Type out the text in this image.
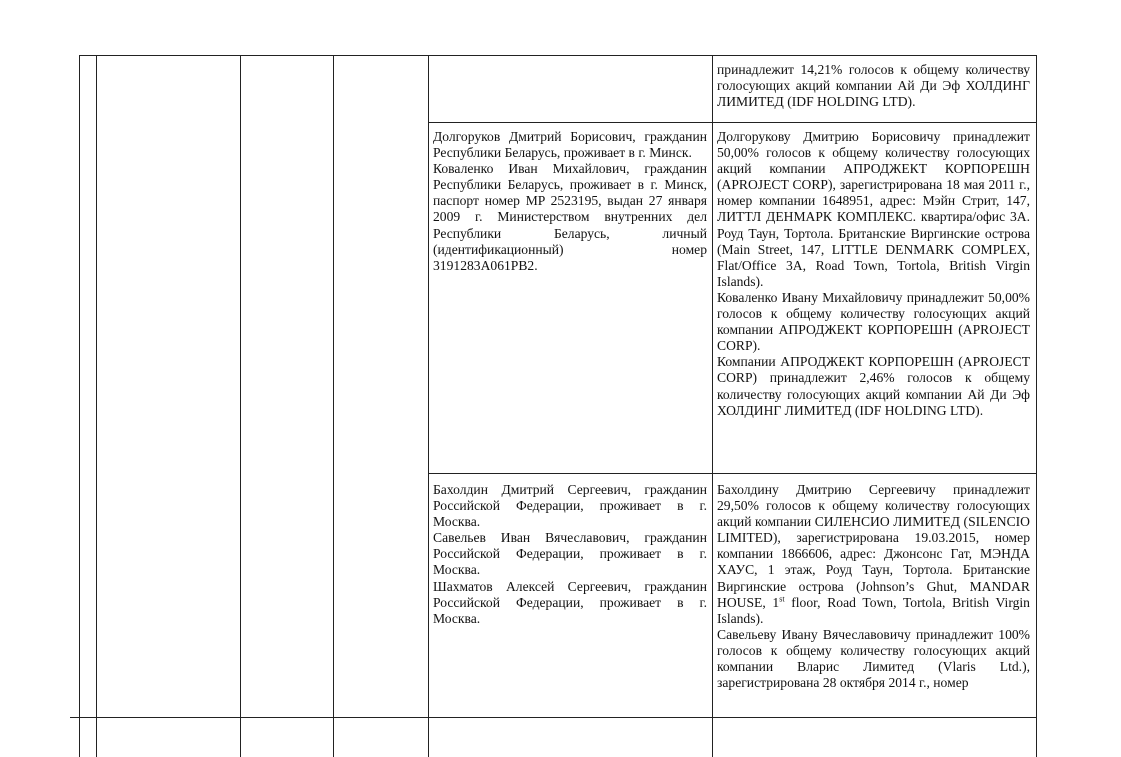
принадлежит 14,21% голосов к общему количеству голосующих акций компании Ай Ди Эф ХОЛДИНГ ЛИМИТЕД (IDF HOLDING LTD).

Долгоруков Дмитрий Борисович, гражданин Республики Беларусь, проживает в г. Минск.

Коваленко Иван Михайлович, гражданин Республики Беларусь, проживает в г. Минск, паспорт номер MP 2523195, выдан 27 января 2009 г. Министерством внутренних дел Республики Беларусь, личный (идентификационный) номер 3191283A061PB2.

Долгорукову Дмитрию Борисовичу принадлежит 50,00% голосов к общему количеству голосующих акций компании АПРОДЖЕКТ КОРПОРЕШН (APROJECT CORP), зарегистрирована 18 мая 2011 г., номер компании 1648951, адрес: Мэйн Стрит, 147, ЛИТТЛ ДЕНМАРК КОМПЛЕКС. квартира/офис 3А. Роуд Таун, Тортола. Британские Виргинские острова (Main Street, 147, LITTLE DENMARK COMPLEX, Flat/Office 3A, Road Town, Tortola, British Virgin Islands).

Коваленко Ивану Михайловичу принадлежит 50,00% голосов к общему количеству голосующих акций компании АПРОДЖЕКТ КОРПОРЕШН (APROJECT CORP).

Компании АПРОДЖЕКТ КОРПОРЕШН (APROJECT CORP) принадлежит 2,46% голосов к общему количеству голосующих акций компании Ай Ди Эф ХОЛДИНГ ЛИМИТЕД (IDF HOLDING LTD).

Бахолдин Дмитрий Сергеевич, гражданин Российской Федерации, проживает в г. Москва.

Савельев Иван Вячеславович, гражданин Российской Федерации, проживает в г. Москва.

Шахматов Алексей Сергеевич, гражданин Российской Федерации, проживает в г. Москва.

Бахолдину Дмитрию Сергеевичу принадлежит 29,50% голосов к общему количеству голосующих акций компании СИЛЕНСИО ЛИМИТЕД (SILENCIO LIMITED), зарегистрирована 19.03.2015, номер компании 1866606, адрес: Джонсонс Гат, МЭНДА ХАУС, 1 этаж, Роуд Таун, Тортола. Британские Виргинские острова (Johnson’s Ghut, MANDAR HOUSE, 1st floor, Road Town, Tortola, British Virgin Islands).

Савельеву Ивану Вячеславовичу принадлежит 100% голосов к общему количеству голосующих акций компании Влaрис Лимитед (Vlaris Ltd.), зарегистрирована 28 октября 2014 г., номер
